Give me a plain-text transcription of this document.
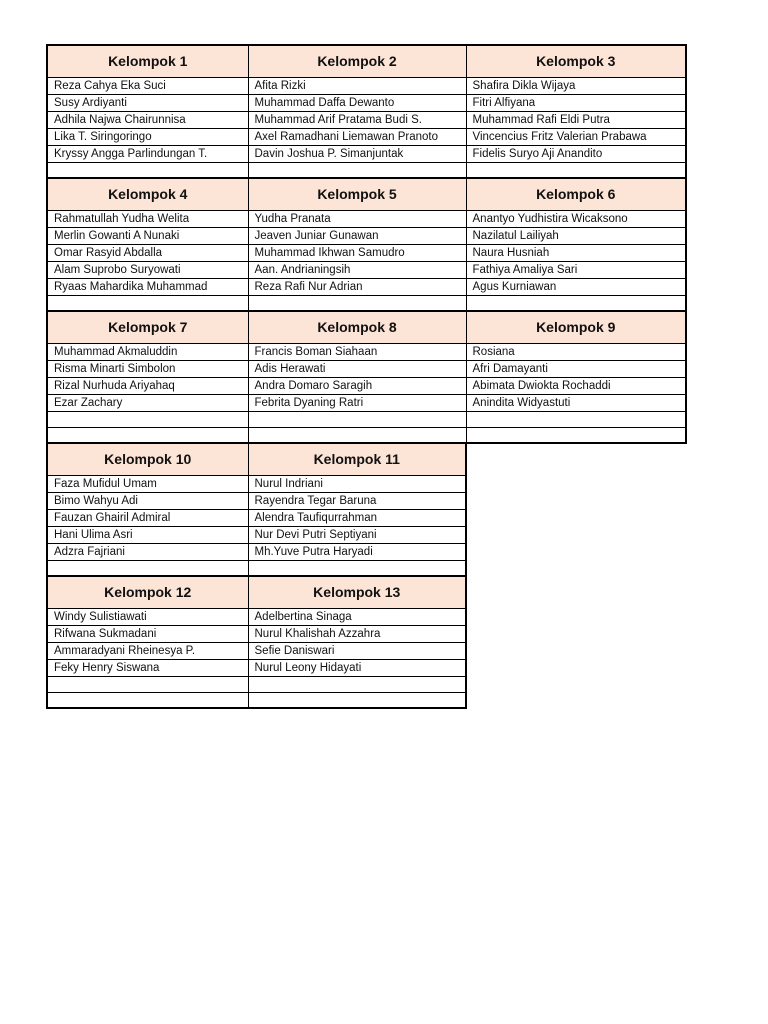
Kelompok 1	Kelompok 2	Kelompok 3
Reza Cahya Eka Suci	Afita Rizki	Shafira Dikla Wijaya
Susy Ardiyanti	Muhammad Daffa Dewanto	Fitri Alfiyana
Adhila Najwa Chairunnisa	Muhammad Arif Pratama Budi S.	Muhammad Rafi Eldi Putra
Lika T. Siringoringo	Axel Ramadhani Liemawan Pranoto	Vincencius Fritz Valerian Prabawa
Kryssy Angga Parlindungan T.	Davin Joshua P. Simanjuntak	Fidelis Suryo Aji Anandito

Kelompok 4	Kelompok 5	Kelompok 6
Rahmatullah Yudha Welita	Yudha Pranata	Anantyo Yudhistira Wicaksono
Merlin Gowanti A Nunaki	Jeaven Juniar Gunawan	Nazilatul Lailiyah
Omar Rasyid Abdalla	Muhammad Ikhwan Samudro	Naura Husniah
Alam Suprobo Suryowati	Aan. Andrianingsih	Fathiya Amaliya Sari
Ryaas Mahardika Muhammad	Reza Rafi Nur Adrian	Agus Kurniawan

Kelompok 7	Kelompok 8	Kelompok 9
Muhammad Akmaluddin	Francis Boman Siahaan	Rosiana
Risma Minarti Simbolon	Adis Herawati	Afri Damayanti
Rizal Nurhuda Ariyahaq	Andra Domaro Saragih	Abimata Dwiokta Rochaddi
Ezar Zachary	Febrita Dyaning Ratri	Anindita Widyastuti

Kelompok 10	Kelompok 11	
Faza Mufidul Umam	Nurul Indriani	
Bimo Wahyu Adi	Rayendra Tegar Baruna	
Fauzan Ghairil Admiral	Alendra Taufiqurrahman	
Hani Ulima Asri	Nur Devi Putri Septiyani	
Adzra Fajriani	Mh.Yuve Putra Haryadi	

Kelompok 12	Kelompok 13	
Windy Sulistiawati	Adelbertina Sinaga	
Rifwana Sukmadani	Nurul Khalishah Azzahra	
Ammaradyani Rheinesya P.	Sefie Daniswari	
Feky Henry Siswana	Nurul Leony Hidayati	
